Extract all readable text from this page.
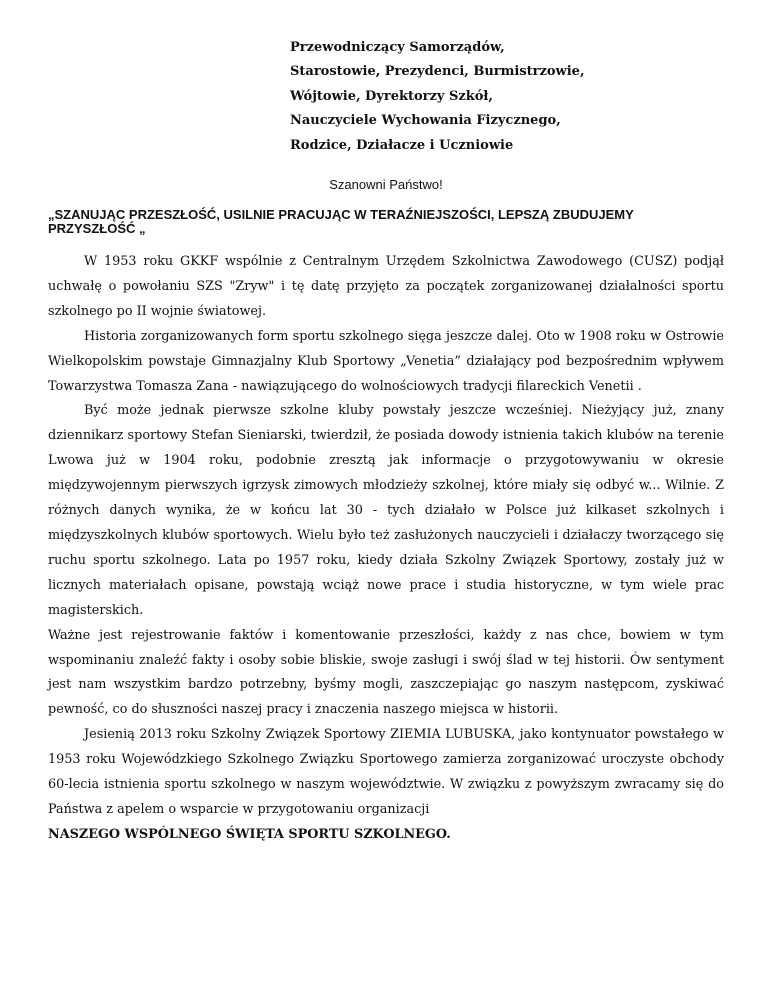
Przewodniczący Samorządów,
Starostowie, Prezydenci, Burmistrzowie,
Wójtowie, Dyrektorzy Szkół,
Nauczyciele Wychowania Fizycznego,
Rodzice, Działacze i Uczniowie
Szanowni Państwo!
„SZANUJĄC PRZESZŁOŚĆ, USILNIE PRACUJĄC W TERAŹNIEJSZOŚCI, LEPSZĄ ZBUDUJEMY PRZYSZŁOŚĆ „

W 1953 roku GKKF wspólnie z Centralnym Urzędem Szkolnictwa Zawodowego (CUSZ) podjął uchwałę o powołaniu SZS "Zryw" i tę datę przyjęto za początek zorganizowanej działalności sportu szkolnego po II wojnie światowej.

Historia zorganizowanych form sportu szkolnego sięga jeszcze dalej. Oto w 1908 roku w Ostrowie Wielkopolskim powstaje Gimnazjalny Klub Sportowy „Venetia” działający pod bezpośrednim wpływem Towarzystwa Tomasza Zana - nawiązującego do wolnościowych tradycji filareckich Venetii .

Być może jednak pierwsze szkolne kluby powstały jeszcze wcześniej. Nieżyjący już, znany dziennikarz sportowy Stefan Sieniarski, twierdził, że posiada dowody istnienia takich klubów na terenie Lwowa już w 1904 roku, podobnie zresztą jak informacje o przygotowywaniu w okresie międzywojennym pierwszych igrzysk zimowych młodzieży szkolnej, które miały się odbyć w... Wilnie. Z różnych danych wynika, że w końcu lat 30 - tych działało w Polsce już kilkaset szkolnych i międzyszkolnych klubów sportowych. Wielu było też zasłużonych nauczycieli i działaczy tworzącego się ruchu sportu szkolnego. Lata po 1957 roku, kiedy działa Szkolny Związek Sportowy, zostały już w licznych materiałach opisane, powstają wciąż nowe prace i studia historyczne, w tym wiele prac magisterskich.

Ważne jest rejestrowanie faktów i komentowanie przeszłości, każdy z nas chce, bowiem w tym wspominaniu znaleźć fakty i osoby sobie bliskie, swoje zasługi i swój ślad w tej historii. Ów sentyment jest nam wszystkim bardzo potrzebny, byśmy mogli, zaszczepiając go naszym następcom, zyskiwać pewność, co do słuszności naszej pracy i znaczenia naszego miejsca w historii.

Jesienią 2013 roku Szkolny Związek Sportowy ZIEMIA LUBUSKA, jako kontynuator powstałego w 1953 roku Wojewódzkiego Szkolnego Związku Sportowego zamierza zorganizować uroczyste obchody 60-lecia istnienia sportu szkolnego w naszym województwie. W związku z powyższym zwracamy się do Państwa z apelem o wsparcie w przygotowaniu organizacji

NASZEGO WSPÓLNEGO ŚWIĘTA SPORTU SZKOLNEGO.
